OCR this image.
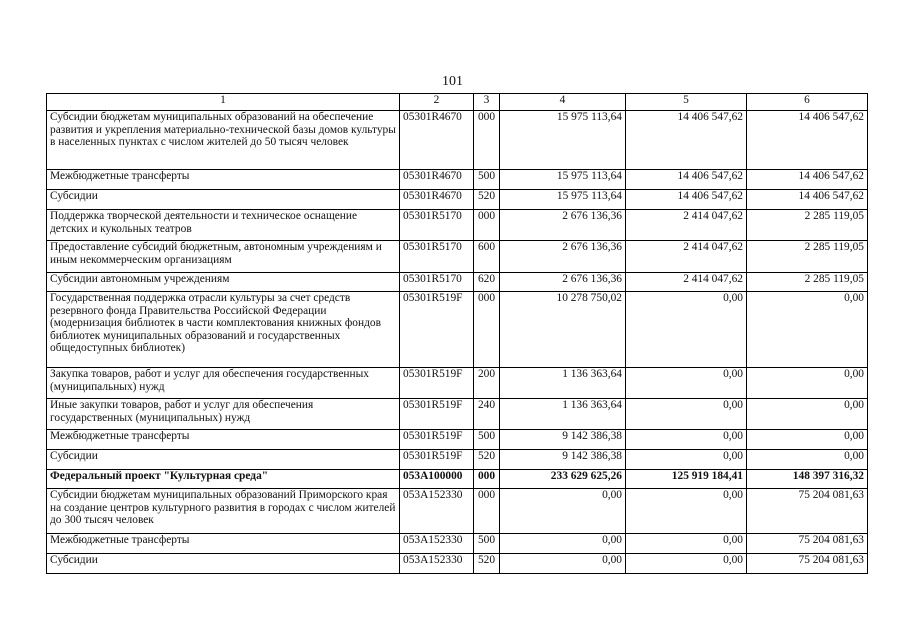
101
1	2	3	4	5	6
Субсидии бюджетам муниципальных образований на обеспечение развития и укрепления материально-технической базы домов культуры в населенных пунктах с числом жителей до 50 тысяч человек	05301R4670	000	15 975 113,64	14 406 547,62	14 406 547,62
Межбюджетные трансферты	05301R4670	500	15 975 113,64	14 406 547,62	14 406 547,62
Субсидии	05301R4670	520	15 975 113,64	14 406 547,62	14 406 547,62
Поддержка творческой деятельности и техническое оснащение детских и кукольных театров	05301R5170	000	2 676 136,36	2 414 047,62	2 285 119,05
Предоставление субсидий бюджетным, автономным учреждениям и иным некоммерческим организациям	05301R5170	600	2 676 136,36	2 414 047,62	2 285 119,05
Субсидии автономным учреждениям	05301R5170	620	2 676 136,36	2 414 047,62	2 285 119,05
Государственная поддержка отрасли культуры за счет средств резервного фонда Правительства Российской Федерации (модернизация библиотек в части комплектования книжных фондов библиотек муниципальных образований и государственных общедоступных библиотек)	05301R519F	000	10 278 750,02	0,00	0,00
Закупка товаров, работ и услуг для обеспечения государственных (муниципальных) нужд	05301R519F	200	1 136 363,64	0,00	0,00
Иные закупки товаров, работ и услуг для обеспечения государственных (муниципальных) нужд	05301R519F	240	1 136 363,64	0,00	0,00
Межбюджетные трансферты	05301R519F	500	9 142 386,38	0,00	0,00
Субсидии	05301R519F	520	9 142 386,38	0,00	0,00
Федеральный проект "Культурная среда"	053A100000	000	233 629 625,26	125 919 184,41	148 397 316,32
Субсидии бюджетам муниципальных образований Приморского края на создание центров культурного развития в городах с числом жителей до 300 тысяч человек	053A152330	000	0,00	0,00	75 204 081,63
Межбюджетные трансферты	053A152330	500	0,00	0,00	75 204 081,63
Субсидии	053A152330	520	0,00	0,00	75 204 081,63
